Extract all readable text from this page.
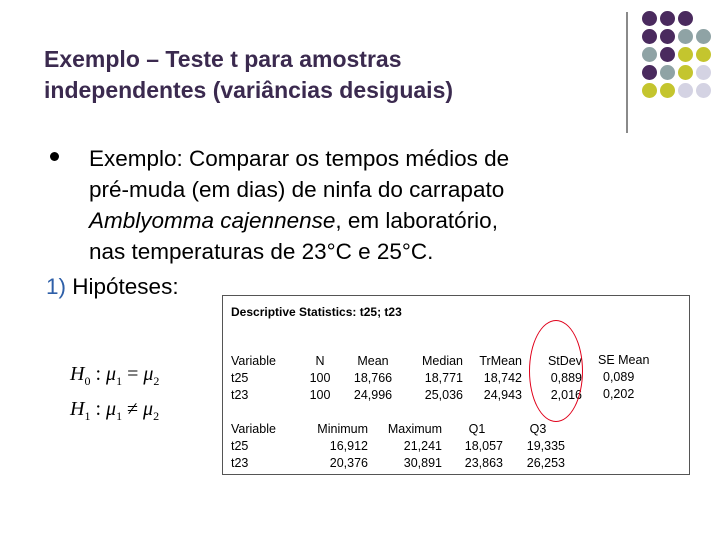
Exemplo – Teste t para amostras
independentes (variâncias desiguais)
Exemplo: Comparar os tempos médios de
pré-muda (em dias) de ninfa do carrapato
Amblyomma cajennense, em laboratório,
nas temperaturas de 23°C e 25°C.
1) Hipóteses:
$H_0$ : $\mu_1 = \mu_2$
$H_1$ : $\mu_1 \ne \mu_2$
Descriptive Statistics: t25; t23
Variable
t25
t23
N
100
100
Mean
18,766
24,996
Median
18,771
25,036
TrMean
18,742
24,943
StDev
0,889
2,016
Variable
t25
t23
Minimum
16,912
20,376
Maximum
21,241
30,891
Q1
18,057
23,863
Q3
19,335
26,253
SE Mean
0,089
0,202
